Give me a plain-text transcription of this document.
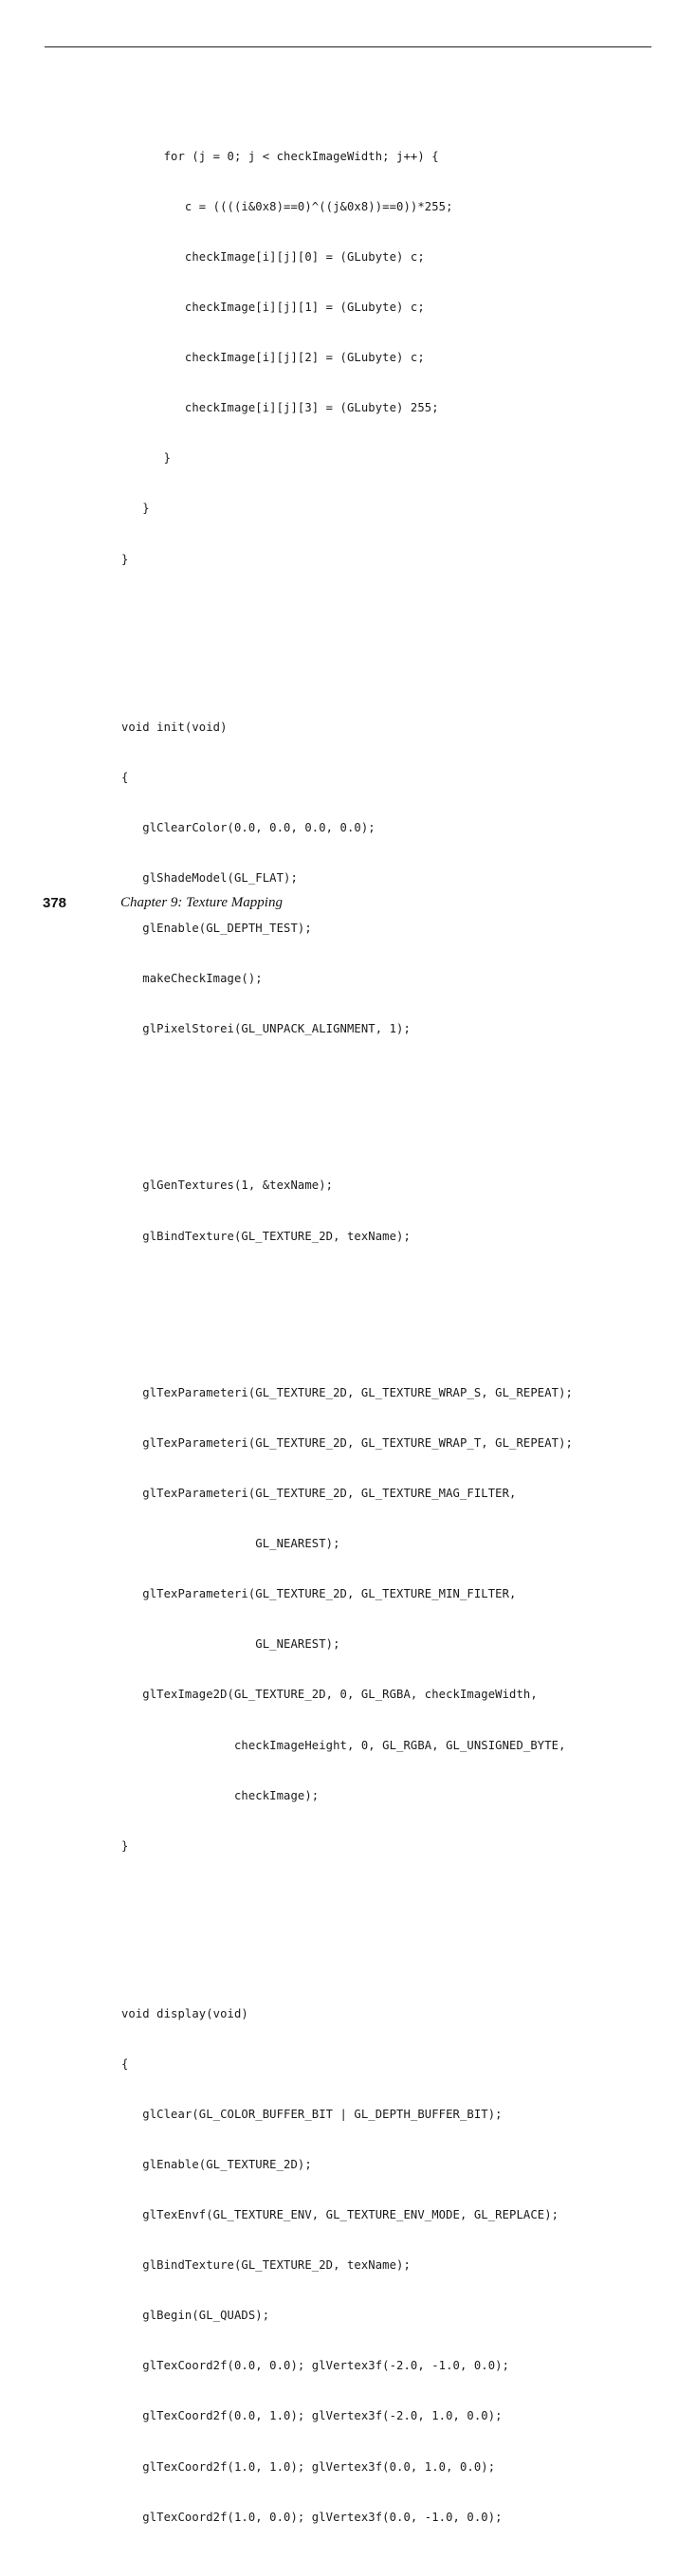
for (j = 0; j < checkImageWidth; j++) {

c = ((((i&0x8)==0)^((j&0x8))==0))*255;

checkImage[i][j][0] = (GLubyte) c;

checkImage[i][j][1] = (GLubyte) c;

checkImage[i][j][2] = (GLubyte) c;

checkImage[i][j][3] = (GLubyte) 255;

}

}

}

void init(void)

{

glClearColor(0.0, 0.0, 0.0, 0.0);

glShadeModel(GL_FLAT);

glEnable(GL_DEPTH_TEST);

makeCheckImage();

glPixelStorei(GL_UNPACK_ALIGNMENT, 1);

glGenTextures(1, &texName);

glBindTexture(GL_TEXTURE_2D, texName);

glTexParameteri(GL_TEXTURE_2D, GL_TEXTURE_WRAP_S, GL_REPEAT);

glTexParameteri(GL_TEXTURE_2D, GL_TEXTURE_WRAP_T, GL_REPEAT);

glTexParameteri(GL_TEXTURE_2D, GL_TEXTURE_MAG_FILTER,

GL_NEAREST);

glTexParameteri(GL_TEXTURE_2D, GL_TEXTURE_MIN_FILTER,

GL_NEAREST);

glTexImage2D(GL_TEXTURE_2D, 0, GL_RGBA, checkImageWidth,

checkImageHeight, 0, GL_RGBA, GL_UNSIGNED_BYTE,

checkImage);

}

void display(void)

{

glClear(GL_COLOR_BUFFER_BIT | GL_DEPTH_BUFFER_BIT);

glEnable(GL_TEXTURE_2D);

glTexEnvf(GL_TEXTURE_ENV, GL_TEXTURE_ENV_MODE, GL_REPLACE);

glBindTexture(GL_TEXTURE_2D, texName);

glBegin(GL_QUADS);

glTexCoord2f(0.0, 0.0); glVertex3f(-2.0, -1.0, 0.0);

glTexCoord2f(0.0, 1.0); glVertex3f(-2.0, 1.0, 0.0);

glTexCoord2f(1.0, 1.0); glVertex3f(0.0, 1.0, 0.0);

glTexCoord2f(1.0, 0.0); glVertex3f(0.0, -1.0, 0.0);

378	Chapter 9: Texture Mapping
